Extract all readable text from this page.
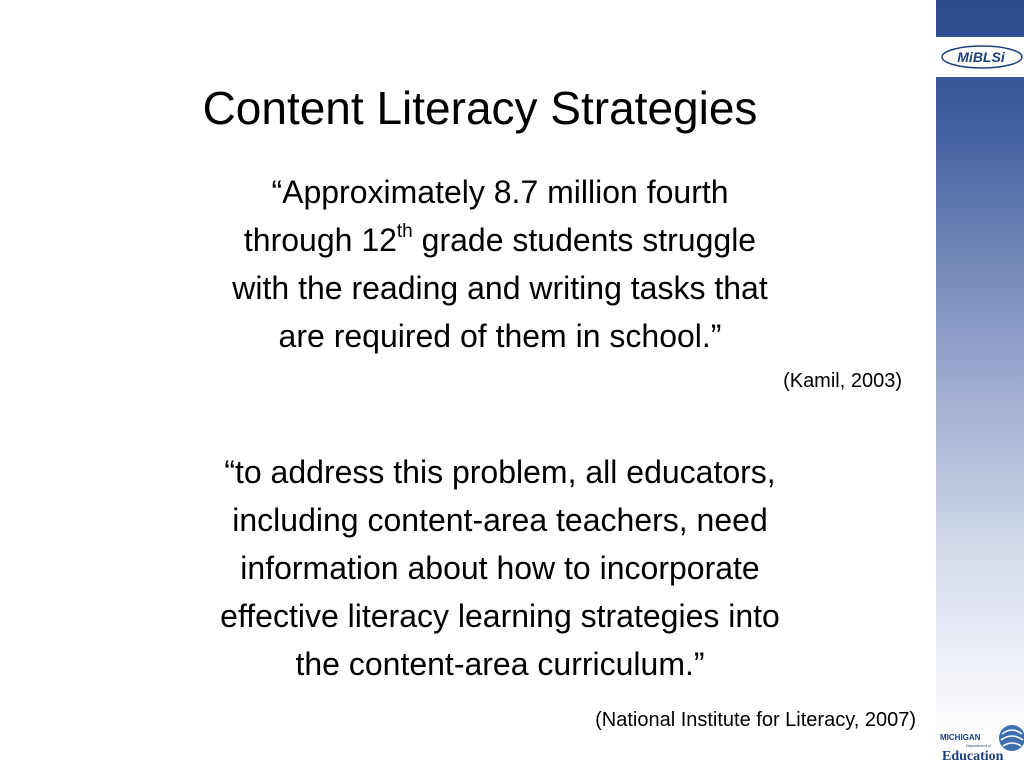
MiBLSi
MICHIGAN
Department of
Education
Content Literacy Strategies
“Approximately 8.7 million fourth
through 12th grade students struggle
with the reading and writing tasks that
are required of them in school.”
(Kamil, 2003)
“to address this problem, all educators,
including content-area teachers, need
information about how to incorporate
effective literacy learning strategies into
the content-area curriculum.”
(National Institute for Literacy, 2007)
